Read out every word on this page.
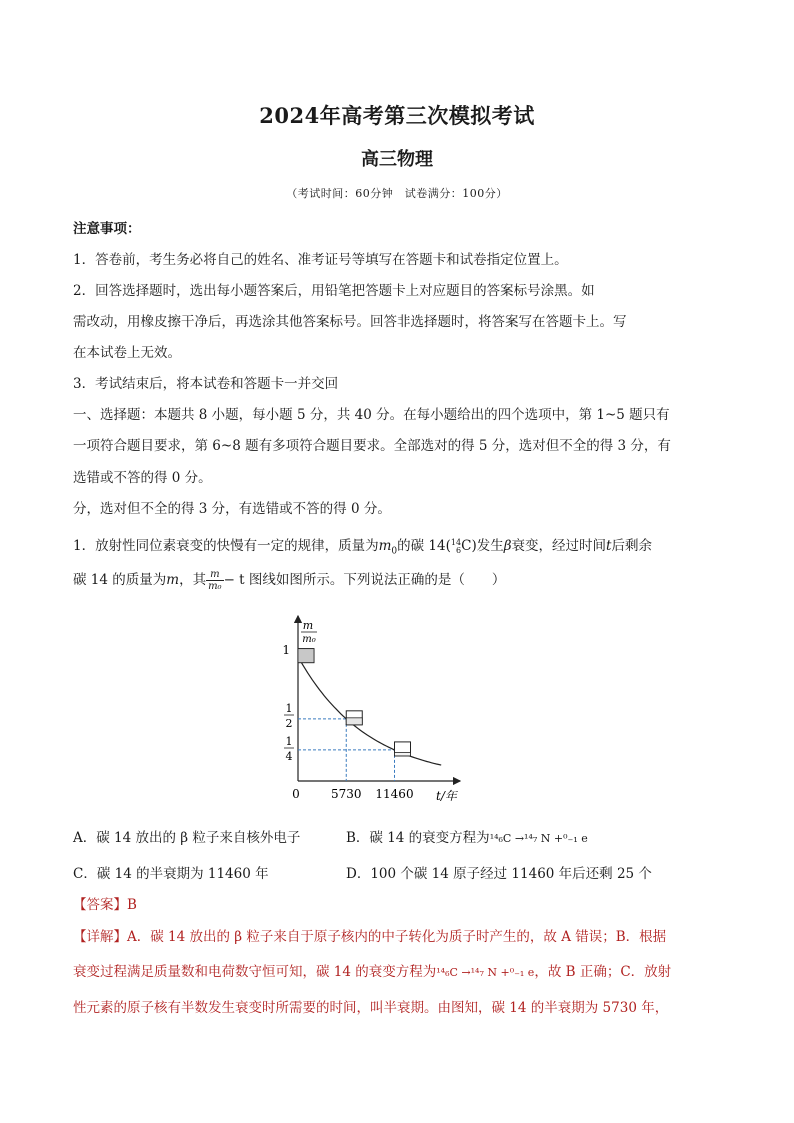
2024年高考第三次模拟考试
高三物理
（考试时间：60分钟　试卷满分：100分）
注意事项：
1．答卷前，考生务必将自己的姓名、准考证号等填写在答题卡和试卷指定位置上。
2．回答选择题时，选出每小题答案后，用铅笔把答题卡上对应题目的答案标号涂黑。如
需改动，用橡皮擦干净后，再选涂其他答案标号。回答非选择题时，将答案写在答题卡上。写
在本试卷上无效。
3．考试结束后，将本试卷和答题卡一并交回
一、选择题：本题共 8 小题，每小题 5 分，共 40 分。在每小题给出的四个选项中，第 1~5 题只有
一项符合题目要求，第 6~8 题有多项符合题目要求。全部选对的得 5 分，选对但不全的得 3 分，有
选错或不答的得 0 分。
分，选对但不全的得 3 分，有选错或不答的得 0 分。
1．放射性同位素衰变的快慢有一定的规律，质量为$m_0$的碳 14( 14
6 C)发生β衰变，经过时间t后剩余
碳 14 的质量为m，其 $\frac{m}{\text{m₀}} - t$ 图线如图所示。下列说法正确的是（　　）
m
m₀
1
1
2
1
4
0	5730 11460 t/年
A．碳 14 放出的 β 粒子来自核外电子	B．碳 14 的衰变方程为¹⁴₆C →¹⁴₇ N +⁰₋₁ e
C．碳 14 的半衰期为 11460 年	D．100 个碳 14 原子经过 11460 年后还剩 25 个
【答案】B
【详解】A．碳 14 放出的 β 粒子来自于原子核内的中子转化为质子时产生的，故 A 错误；B．根据
衰变过程满足质量数和电荷数守恒可知，碳 14 的衰变方程为¹⁴₆C →¹⁴₇ N +⁰₋₁ e，故 B 正确；C．放射
性元素的原子核有半数发生衰变时所需要的时间，叫半衰期。由图知，碳 14 的半衰期为 5730 年，
